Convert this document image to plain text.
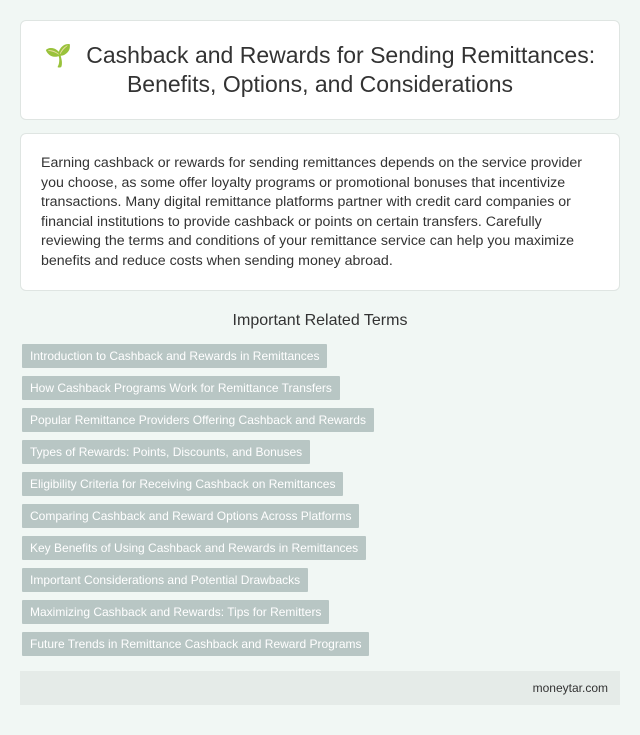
🌱 Cashback and Rewards for Sending Remittances: Benefits, Options, and Considerations

Earning cashback or rewards for sending remittances depends on the service provider you choose, as some offer loyalty programs or promotional bonuses that incentivize transactions. Many digital remittance platforms partner with credit card companies or financial institutions to provide cashback or points on certain transfers. Carefully reviewing the terms and conditions of your remittance service can help you maximize benefits and reduce costs when sending money abroad.

Important Related Terms
Introduction to Cashback and Rewards in Remittances
How Cashback Programs Work for Remittance Transfers
Popular Remittance Providers Offering Cashback and Rewards
Types of Rewards: Points, Discounts, and Bonuses
Eligibility Criteria for Receiving Cashback on Remittances
Comparing Cashback and Reward Options Across Platforms
Key Benefits of Using Cashback and Rewards in Remittances
Important Considerations and Potential Drawbacks
Maximizing Cashback and Rewards: Tips for Remitters
Future Trends in Remittance Cashback and Reward Programs
moneytar.com
